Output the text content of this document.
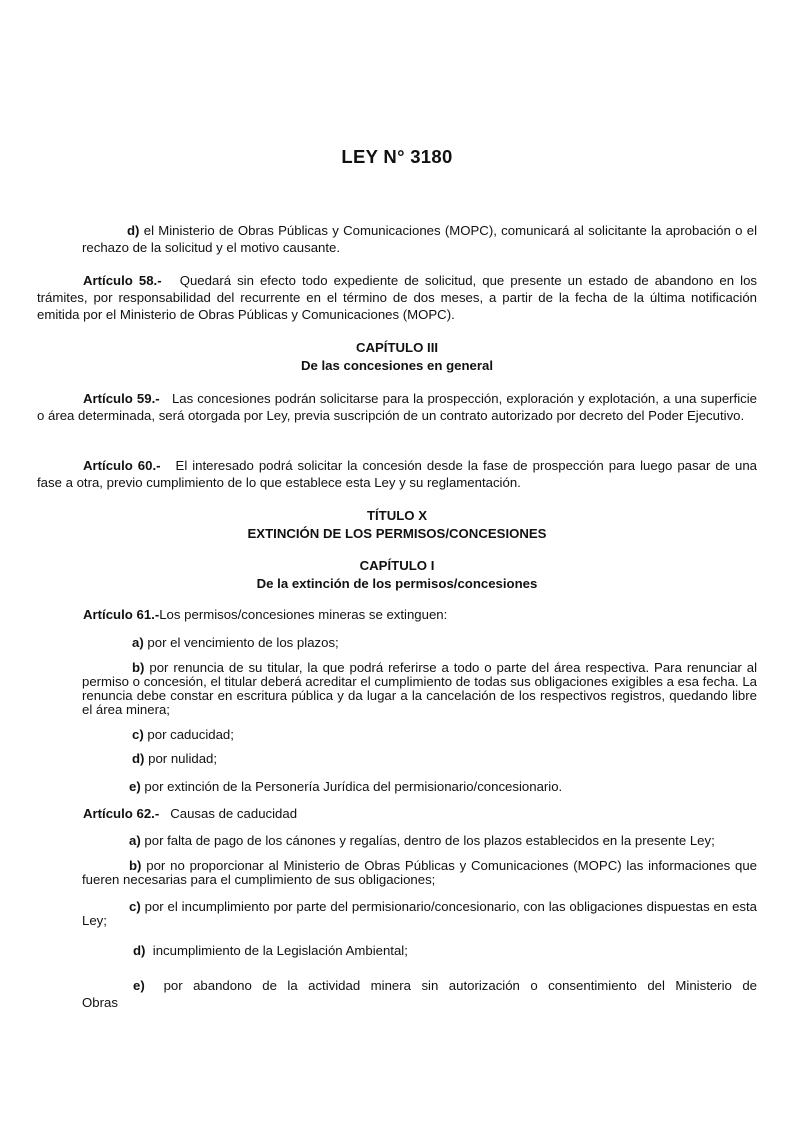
LEY N° 3180
d) el Ministerio de Obras Públicas y Comunicaciones (MOPC), comunicará al solicitante la aprobación o el rechazo de la solicitud y el motivo causante.
Artículo 58.- Quedará sin efecto todo expediente de solicitud, que presente un estado de abandono en los trámites, por responsabilidad del recurrente en el término de dos meses, a partir de la fecha de la última notificación emitida por el Ministerio de Obras Públicas y Comunicaciones (MOPC).
CAPÍTULO III
De las concesiones en general
Artículo 59.- Las concesiones podrán solicitarse para la prospección, exploración y explotación, a una superficie o área determinada, será otorgada por Ley, previa suscripción de un contrato autorizado por decreto del Poder Ejecutivo.
Artículo 60.- El interesado podrá solicitar la concesión desde la fase de prospección para luego pasar de una fase a otra, previo cumplimiento de lo que establece esta Ley y su reglamentación.
TÍTULO X
EXTINCIÓN DE LOS PERMISOS/CONCESIONES
CAPÍTULO I
De la extinción de los permisos/concesiones
Artículo 61.-Los permisos/concesiones mineras se extinguen:
a) por el vencimiento de los plazos;
b) por renuncia de su titular, la que podrá referirse a todo o parte del área respectiva. Para renunciar al permiso o concesión, el titular deberá acreditar el cumplimiento de todas sus obligaciones exigibles a esa fecha. La renuncia debe constar en escritura pública y da lugar a la cancelación de los respectivos registros, quedando libre el área minera;
c) por caducidad;
d) por nulidad;
e) por extinción de la Personería Jurídica del permisionario/concesionario.
Artículo 62.- Causas de caducidad
a) por falta de pago de los cánones y regalías, dentro de los plazos establecidos en la presente Ley;
b) por no proporcionar al Ministerio de Obras Públicas y Comunicaciones (MOPC) las informaciones que fueren necesarias para el cumplimiento de sus obligaciones;
c) por el incumplimiento por parte del permisionario/concesionario, con las obligaciones dispuestas en esta Ley;
d) incumplimiento de la Legislación Ambiental;
e) por abandono de la actividad minera sin autorización o consentimiento del Ministerio de Obras
